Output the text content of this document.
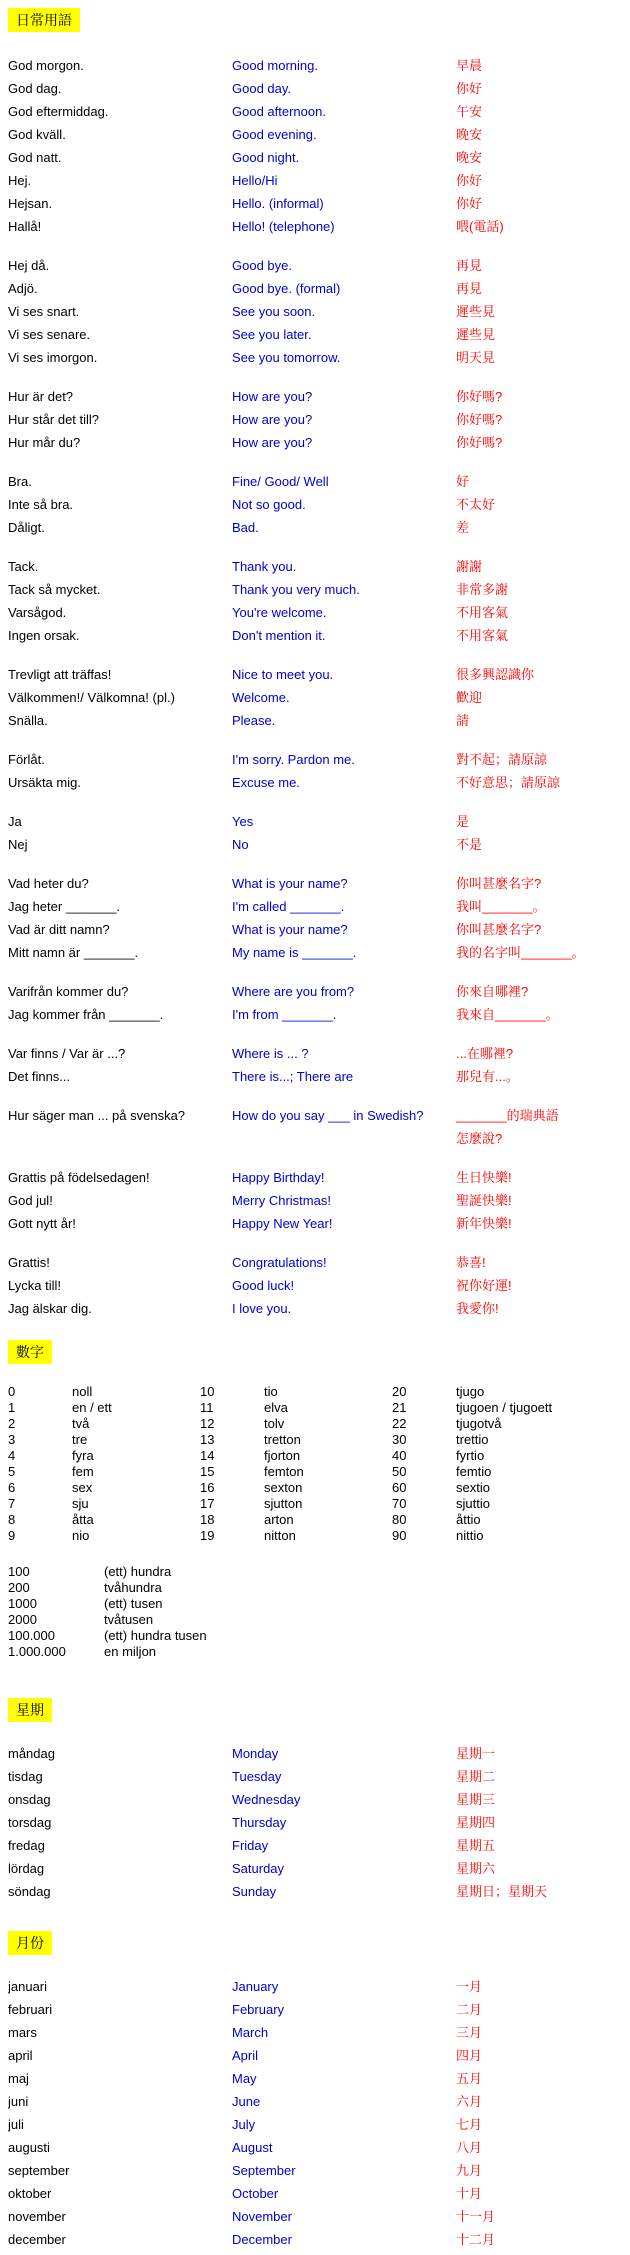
日常用語
God morgon.	Good morning.	早晨
God dag.	Good day.	你好
God eftermiddag.	Good afternoon.	午安
God kväll.	Good evening.	晚安
God natt.	Good night.	晚安
Hej.	Hello/Hi	你好
Hejsan.	Hello. (informal)	你好
Hallå!	Hello! (telephone)	喂(電話)
Hej då.	Good bye.	再見
Adjö.	Good bye. (formal)	再見
Vi ses snart.	See you soon.	遲些見
Vi ses senare.	See you later.	遲些見
Vi ses imorgon.	See you tomorrow.	明天見
Hur är det?	How are you?	你好嗎?
Hur står det till?	How are you?	你好嗎?
Hur mår du?	How are you?	你好嗎?
Bra.	Fine/ Good/ Well	好
Inte så bra.	Not so good.	不太好
Dåligt.	Bad.	差
Tack.	Thank you.	謝謝
Tack så mycket.	Thank you very much.	非常多謝
Varsågod.	You're welcome.	不用客氣
Ingen orsak.	Don't mention it.	不用客氣
Trevligt att träffas!	Nice to meet you.	很多興認識你
Välkommen!/ Välkomna! (pl.)	Welcome.	歡迎
Snälla.	Please.	請
Förlåt.	I'm sorry. Pardon me.	對不起；請原諒
Ursäkta mig.	Excuse me.	不好意思；請原諒
Ja	Yes	是
Nej	No	不是
Vad heter du?	What is your name?	你叫甚麼名字?
Jag heter _______.	I'm called _______.	我叫_______。
Vad är ditt namn?	What is your name?	你叫甚麼名字?
Mitt namn är _______.	My name is _______.	我的名字叫_______。
Varifrån kommer du?	Where are you from?	你來自哪裡?
Jag kommer från _______.	I'm from _______.	我來自_______。
Var finns / Var är ...?	Where is ... ?	...在哪裡?
Det finns...	There is...; There are	那兒有...。
Hur säger man ... på svenska?	How do you say ___ in Swedish?	_______的瑞典語
怎麼說?
Grattis på födelsedagen!	Happy Birthday!	生日快樂!
God jul!	Merry Christmas!	聖誕快樂!
Gott nytt år!	Happy New Year!	新年快樂!
Grattis!	Congratulations!	恭喜!
Lycka till!	Good luck!	祝你好運!
Jag älskar dig.	I love you.	我愛你!
數字
0	noll	10	tio	20	tjugo
1	en / ett	11	elva	21	tjugoen / tjugoett
2	två	12	tolv	22	tjugotvå
3	tre	13	tretton	30	trettio
4	fyra	14	fjorton	40	fyrtio
5	fem	15	femton	50	femtio
6	sex	16	sexton	60	sextio
7	sju	17	sjutton	70	sjuttio
8	åtta	18	arton	80	åttio
9	nio	19	nitton	90	nittio
100	(ett) hundra
200	tvåhundra
1000	(ett) tusen
2000	tvåtusen
100.000	(ett) hundra tusen
1.000.000	en miljon
星期
måndag	Monday	星期一
tisdag	Tuesday	星期二
onsdag	Wednesday	星期三
torsdag	Thursday	星期四
fredag	Friday	星期五
lördag	Saturday	星期六
söndag	Sunday	星期日；星期天
月份
januari	January	一月
februari	February	二月
mars	March	三月
april	April	四月
maj	May	五月
juni	June	六月
juli	July	七月
augusti	August	八月
september	September	九月
oktober	October	十月
november	November	十一月
december	December	十二月
